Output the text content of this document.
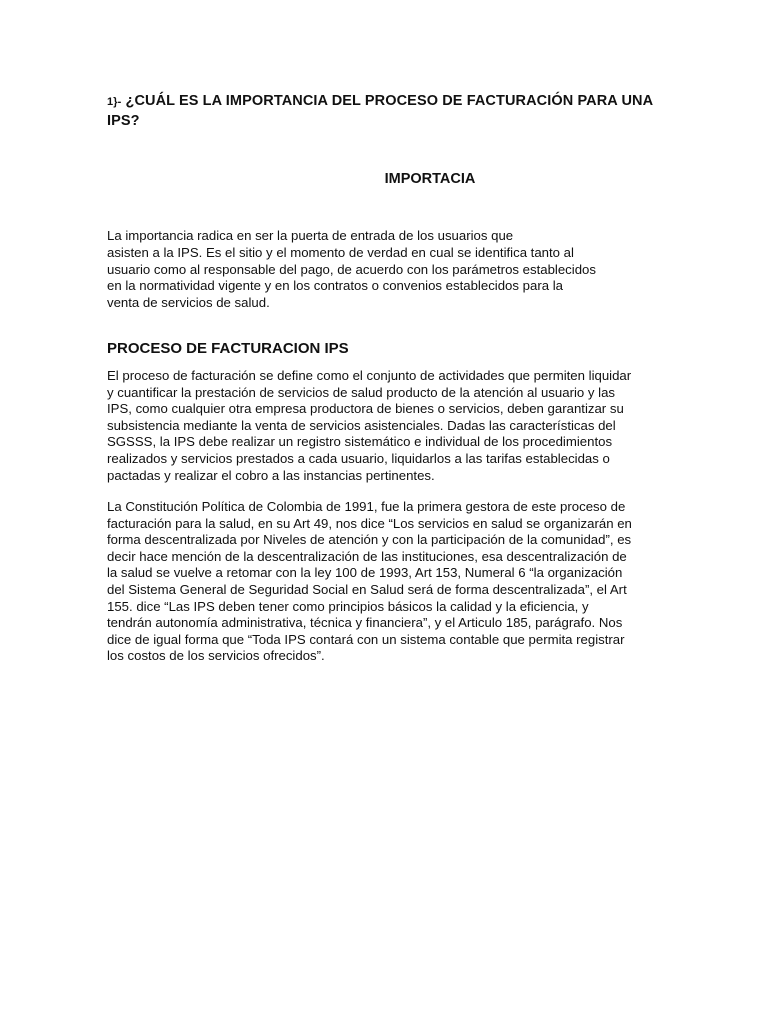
1}- ¿CUÁL ES LA IMPORTANCIA DEL PROCESO DE FACTURACIÓN PARA UNA IPS?
IMPORTACIA
La importancia radica en ser la puerta de entrada de los usuarios que
asisten a la IPS. Es el sitio y el momento de verdad en cual se identifica tanto al
usuario como al responsable del pago, de acuerdo con los parámetros establecidos
en la normatividad vigente y en los contratos o convenios establecidos para la
venta de servicios de salud.
PROCESO DE FACTURACION IPS
El proceso de facturación se define como el conjunto de actividades que permiten liquidar
y cuantificar la prestación de servicios de salud producto de la atención al usuario y las
IPS, como cualquier otra empresa productora de bienes o servicios, deben garantizar su
subsistencia mediante la venta de servicios asistenciales. Dadas las características del
SGSSS, la IPS debe realizar un registro sistemático e individual de los procedimientos
realizados y servicios prestados a cada usuario, liquidarlos a las tarifas establecidas o
pactadas y realizar el cobro a las instancias pertinentes.
La Constitución Política de Colombia de 1991, fue la primera gestora de este proceso de
facturación para la salud, en su Art 49, nos dice “Los servicios en salud se organizarán en
forma descentralizada por Niveles de atención y con la participación de la comunidad”, es
decir hace mención de la descentralización de las instituciones, esa descentralización de
la salud se vuelve a retomar con la ley 100 de 1993, Art 153, Numeral 6 “la organización
del Sistema General de Seguridad Social en Salud será de forma descentralizada”, el Art
155. dice “Las IPS deben tener como principios básicos la calidad y la eficiencia, y
tendrán autonomía administrativa, técnica y financiera”, y el Articulo 185, parágrafo. Nos
dice de igual forma que “Toda IPS contará con un sistema contable que permita registrar
los costos de los servicios ofrecidos”.
